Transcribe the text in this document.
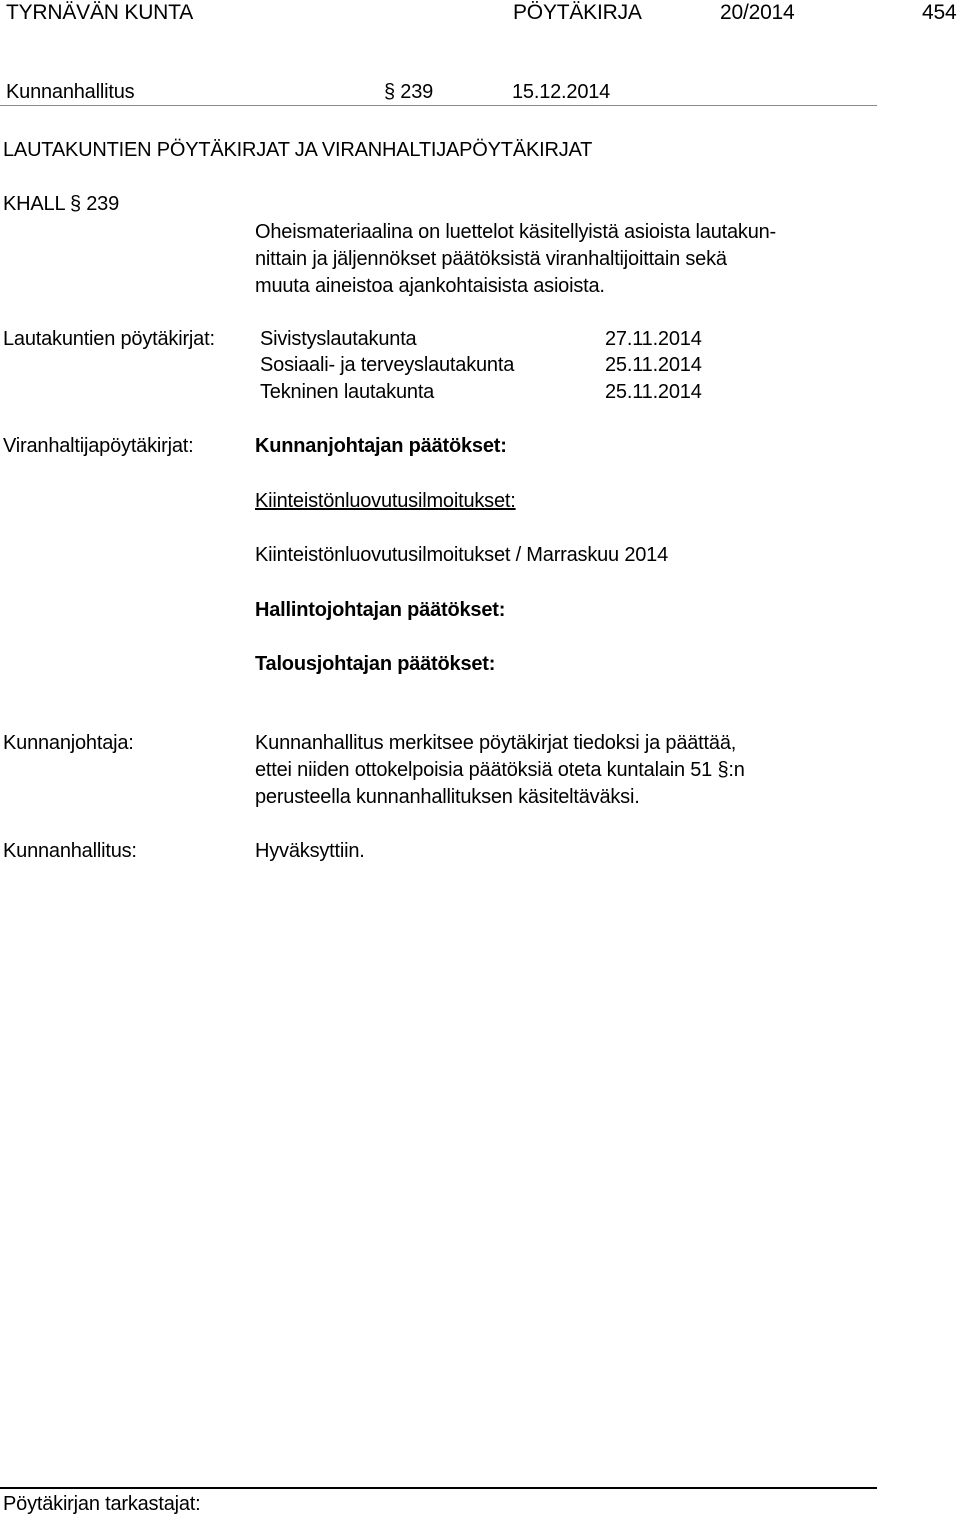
TYRNÄVÄN KUNTA	PÖYTÄKIRJA	20/2014	454
Kunnanhallitus	§ 239	15.12.2014
LAUTAKUNTIEN PÖYTÄKIRJAT JA VIRANHALTIJAPÖYTÄKIRJAT
KHALL § 239
Oheismateriaalina on luettelot käsitellyistä asioista lautakun-
nittain ja jäljennökset päätöksistä viranhaltijoittain sekä
muuta aineistoa ajankohtaisista asioista.
Lautakuntien pöytäkirjat: Sivistyslautakunta	27.11.2014
Sosiaali- ja terveyslautakunta	25.11.2014
Tekninen lautakunta	25.11.2014
Viranhaltijapöytäkirjat:	Kunnanjohtajan päätökset:
Kiinteistönluovutusilmoitukset:
Kiinteistönluovutusilmoitukset / Marraskuu 2014
Hallintojohtajan päätökset:
Talousjohtajan päätökset:
Kunnanjohtaja:	Kunnanhallitus merkitsee pöytäkirjat tiedoksi ja päättää,
ettei niiden ottokelpoisia päätöksiä oteta kuntalain 51 §:n
perusteella kunnanhallituksen käsiteltäväksi.
Kunnanhallitus:	Hyväksyttiin.
Pöytäkirjan tarkastajat:
